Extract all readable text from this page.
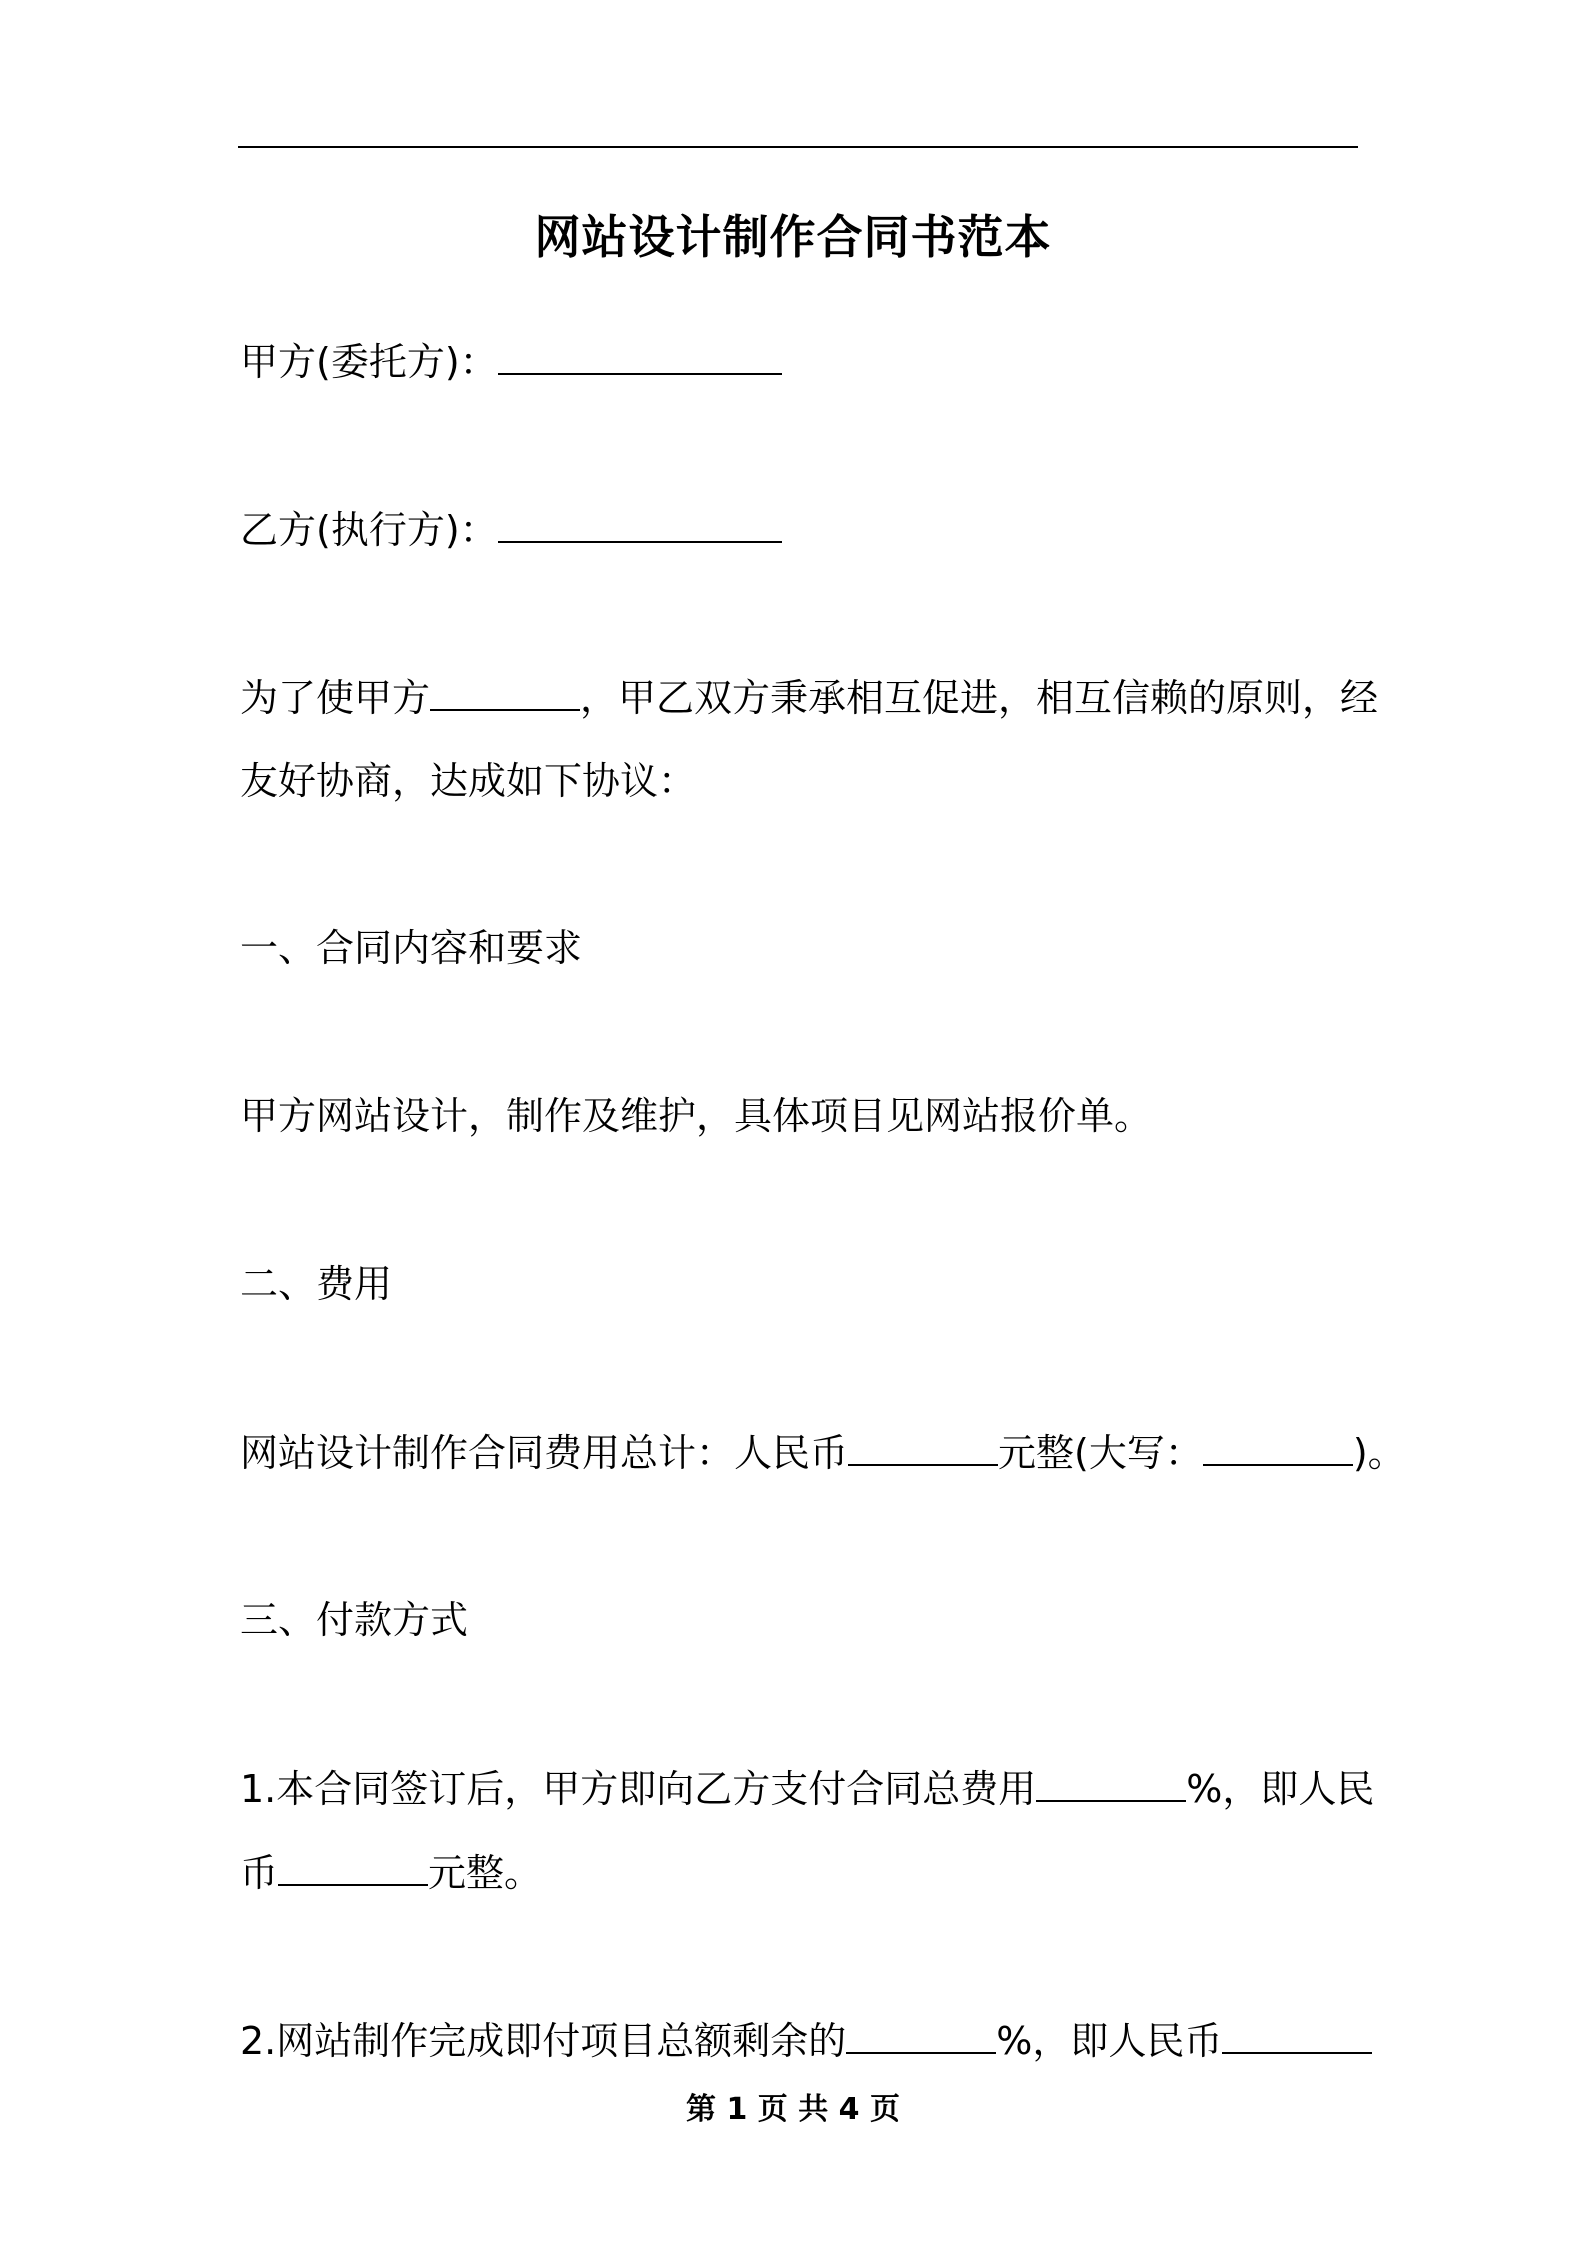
网站设计制作合同书范本
甲方(委托方)：
乙方(执行方)：
为了使甲方	，甲乙双方秉承相互促进，相互信赖的原则，经
友好协商，达成如下协议：
一、合同内容和要求
甲方网站设计，制作及维护，具体项目见网站报价单。
二、费用
网站设计制作合同费用总计：人民币	元整(大写：	)。
三、付款方式
1.本合同签订后，甲方即向乙方支付合同总费用	%，即人民
币	元整。
2.网站制作完成即付项目总额剩余的	%，即人民币
第 1 页 共 4 页
